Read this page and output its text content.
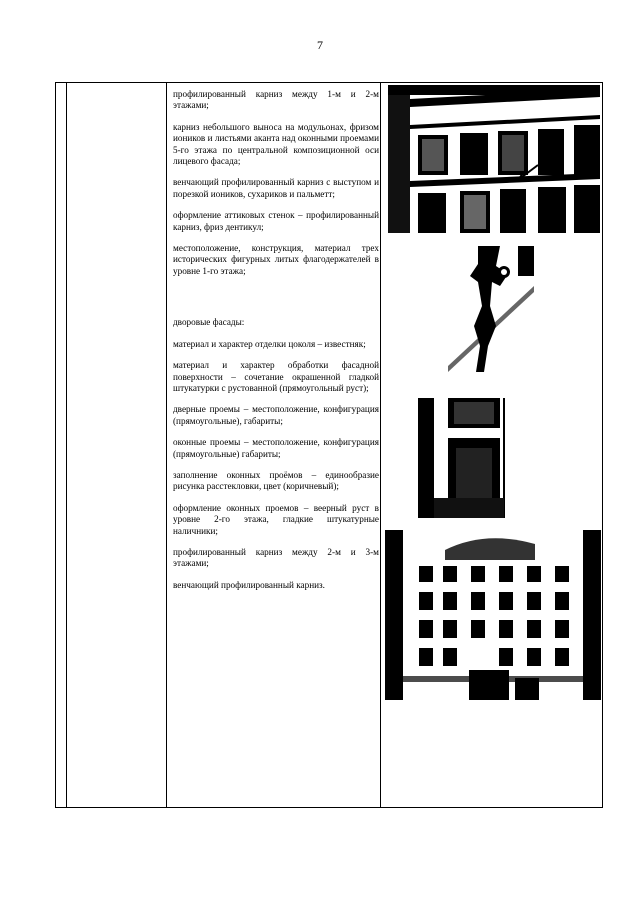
7

профилированный карниз между 1-м и 2-м этажами;

карниз небольшого выноса на модульонах, фризом иоников и листьями аканта над оконными проемами 5-го этажа по центральной композиционной оси лицевого фасада;

венчающий профилированный карниз с выступом и порезкой иоников, сухариков и пальметт;

оформление аттиковых стенок – профилированный карниз, фриз дентикул;

местоположение, конструкция, материал трех исторических фигурных литых флагодержателей в уровне 1-го этажа;

дворовые фасады:

материал и характер отделки цоколя – известняк;

материал и характер обработки фасадной поверхности – сочетание окрашенной гладкой штукатурки с рустованной (прямоугольный руст);

дверные проемы – местоположение, конфигурация (прямоугольные), габариты;

оконные проемы – местоположение, конфигурация (прямоугольные) габариты;

заполнение оконных проёмов – единообразие рисунка расстекловки, цвет (коричневый);

оформление оконных проемов – веерный руст в уровне 2-го этажа, гладкие штукатурные наличники;

профилированный карниз между 2-м и 3-м этажами;

венчающий профилированный карниз.
